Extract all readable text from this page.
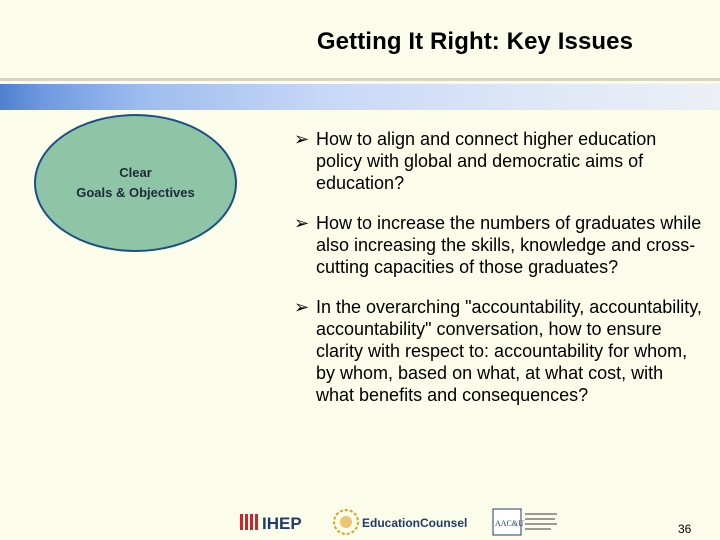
Getting It Right: Key Issues
Clear
Goals & Objectives
➢ How to align and connect higher education policy with global and democratic aims of education?
➢ How to increase the numbers of graduates while also increasing the skills, knowledge and cross-cutting capacities of those graduates?
➢ In the overarching "accountability, accountability, accountability" conversation, how to ensure clarity with respect to: accountability for whom, by whom, based on what, at what cost, with what benefits and consequences?
IHEP	EducationCounsel	AAC&U	36
